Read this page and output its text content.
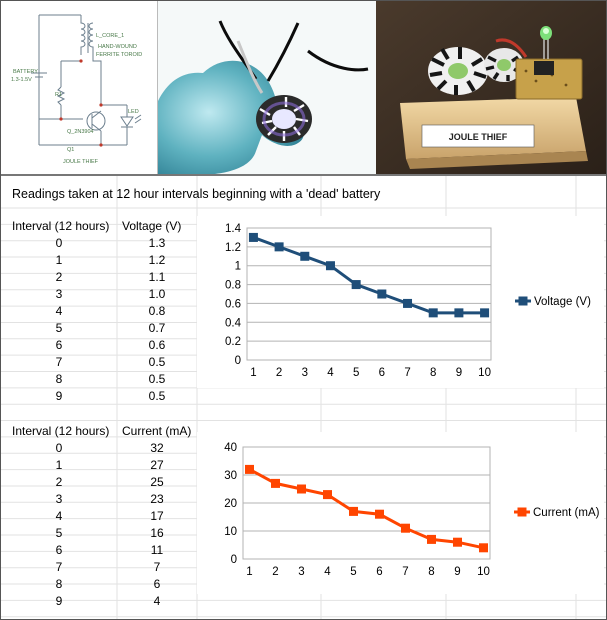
BATTERY
1.3-1.5V
L_CORE_1
HAND-WOUND
FERRITE TOROID
R1
LED
Q_2N3904
Q1
JOULE THIEF
JOULE THIEF
Readings taken at 12 hour intervals beginning with a 'dead' battery
Interval (12 hours)	Voltage (V)
0	1.3
1	1.2
2	1.1
3	1.0
4	0.8
5	0.7
6	0.6
7	0.5
8	0.5
9	0.5
Interval (12 hours)	Current (mA)
0	32
1	27
2	25
3	23
4	17
5	16
6	11
7	7
8	6
9	4
0
0.2
0.4
0.6
0.8
1
1.2
1.4
1 2 3 4 5 6 7 8 9 10
Voltage (V)
0
10
20
30
40
1 2 3 4 5 6 7 8 9 10
Current (mA)
